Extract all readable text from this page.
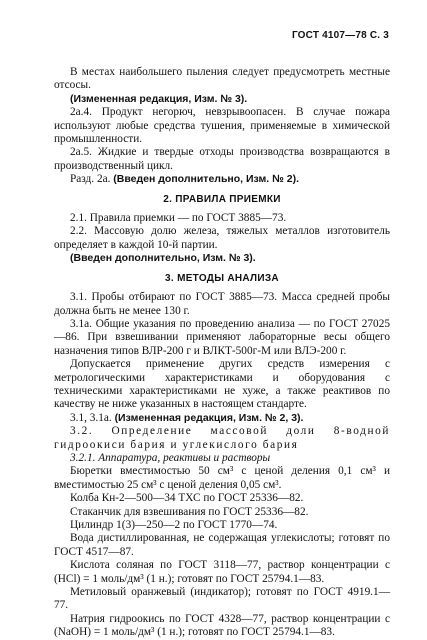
ГОСТ 4107—78 С. 3

В местах наибольшего пыления следует предусмотреть местные отсосы.

(Измененная редакция, Изм. № 3).

2а.4. Продукт негорюч, невзрывоопасен. В случае пожара используют любые средства тушения, применяемые в химической промышленности.

2а.5. Жидкие и твердые отходы производства возвращаются в производственный цикл.

Разд. 2а. (Введен дополнительно, Изм. № 2).

2. ПРАВИЛА ПРИЕМКИ

2.1. Правила приемки — по ГОСТ 3885—73.

2.2. Массовую долю железа, тяжелых металлов изготовитель определяет в каждой 10-й партии.

(Введен дополнительно, Изм. № 3).

3. МЕТОДЫ АНАЛИЗА

3.1. Пробы отбирают по ГОСТ 3885—73. Масса средней пробы должна быть не менее 130 г.

3.1а. Общие указания по проведению анализа — по ГОСТ 27025—86. При взвешивании применяют лабораторные весы общего назначения типов ВЛР-200 г и ВЛКТ-500г-М или ВЛЭ-200 г.

Допускается применение других средств измерения с метрологическими характеристиками и оборудования с техническими характеристиками не хуже, а также реактивов по качеству не ниже указанных в настоящем стандарте.

3.1, 3.1а. (Измененная редакция, Изм. № 2, 3).

3.2. Определение массовой доли 8-водной гидроокиси бария и углекислого бария

3.2.1. Аппаратура, реактивы и растворы

Бюретки вместимостью 50 см³ с ценой деления 0,1 см³ и вместимостью 25 см³ с ценой деления 0,05 см³.

Колба Кн-2—500—34 ТХС по ГОСТ 25336—82.

Стаканчик для взвешивания по ГОСТ 25336—82.

Цилиндр 1(3)—250—2 по ГОСТ 1770—74.

Вода дистиллированная, не содержащая углекислоты; готовят по ГОСТ 4517—87.

Кислота соляная по ГОСТ 3118—77, раствор концентрации c (HCl) = 1 моль/дм³ (1 н.); готовят по ГОСТ 25794.1—83.

Метиловый оранжевый (индикатор); готовят по ГОСТ 4919.1—77.

Натрия гидроокись по ГОСТ 4328—77, раствор концентрации c (NaOH) = 1 моль/дм³ (1 н.); готовят по ГОСТ 25794.1—83.
